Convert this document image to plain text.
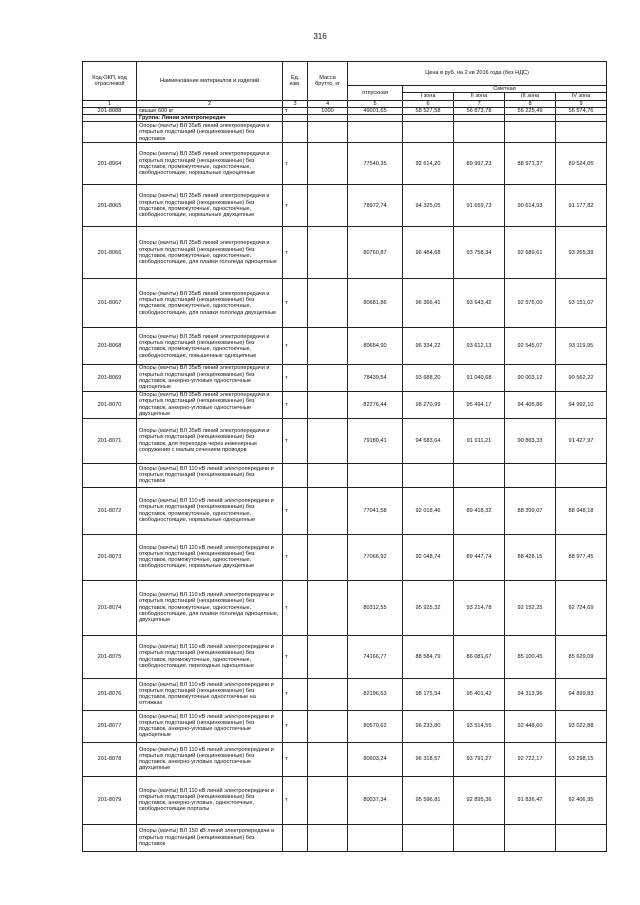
316
Код ОКП, код отраслевой	Наименование материалов и изделий	Ед. изм.	Масса брутто, кг	Цена в руб. на 2 кв 2016 года (без НДС)				
				отпускная	Сметная			
					I зона	II зона	III зона	IV зона
1	2	3	4	5	6	7	8	9
201-8088	свыше 600 кг	т	1000	49001,65	58 527,58	56 873,78	56 225,49	56 574,76
	Группа: Линии электропередач							
	Опоры (мачты) ВЛ 35кВ линий электропередачи и открытых подстанций (неоцинкованные) без подставок							
201-8064	Опоры (мачты) ВЛ 35кВ линий электропередачи и открытых подстанций (неоцинкованные) без подставок, промежуточные, одностоечные, свободностоящие, нормальные одноцепные	т		77540,35	92 614,20	89 997,23	88 971,37	89 524,05
201-8065	Опоры (мачты) ВЛ 35кВ линий электропередачи и открытых подстанций (неоцинкованные) без подставок, промежуточные, одностоечные, свободностоящие, нормальные двухцепные	т		78972,74	94 325,05	91 659,73	90 614,93	91 177,82
201-8066	Опоры (мачты) ВЛ 35кВ линий электропередачи и открытых подстанций (неоцинкованные) без подставок, промежуточные, одностоечные, свободностоящие, для плавки гололеда одноцепные	т		80760,87	96 484,68	93 758,34	92 689,61	93 265,39
201-8067	Опоры (мачты) ВЛ 35кВ линий электропередачи и открытых подстанций (неоцинкованные) без подставок, промежуточные, одностоечные, свободностоящие, для плавки гололеда двухцепные	т		80681,86	96 366,41	93 643,42	92 576,00	93 151,07
201-8068	Опоры (мачты) ВЛ 35кВ линий электропередачи и открытых подстанций (неоцинкованные) без подставок, промежуточные, одностоечные, свободностоящие, повышенные одноцепные	т		80654,90	96 334,22	93 612,13	92 545,07	93 119,95
201-8069	Опоры (мачты) ВЛ 35кВ линий электропередачи и открытых подстанций (неоцинкованные) без подставок, анкерно-угловые одностоечные одноцепные	т		78439,54	93 688,20	91 040,68	90 003,12	90 562,22
201-8070	Опоры (мачты) ВЛ 35кВ линий электропередачи и открытых подстанций (неоцинкованные) без подставок, анкерно-угловые одностоечные двухцепные	т		82276,44	98 270,99	95 494,17	94 405,86	94 992,10
201-8071	Опоры (мачты) ВЛ 35кВ линий электропередачи и открытых подстанций (неоцинкованные) без подставок, для переходов через инженерные сооружения с малым сечением проводов	т		79180,41	94 583,64	91 911,21	90 863,33	91 427,97
	Опоры (мачты) ВЛ 110 кВ линий электропередачи и открытых подстанций (неоцинкованные) без подставок							
201-8072	Опоры (мачты) ВЛ 110 кВ линий электропередачи и открытых подстанций (неоцинкованные) без подставок, промежуточные, одностоечные, свободностоящие, нормальные одноцепные	т		77041,58	92 018,46	89 418,32	88 399,07	88 948,18
201-8073	Опоры (мачты) ВЛ 110 кВ линий электропередачи и открытых подстанций (неоцинкованные) без подставок, промежуточные, одностоечные, свободностоящие, нормальные двухцепные	т		77066,92	92 048,74	89 447,74	88 428,15	88 977,45
201-8074	Опоры (мачты) ВЛ 110 кВ линий электропередачи и открытых подстанций (неоцинкованные) без подставок, промежуточные, одностоечные, свободностоящие, для плавки гололеда одноцепные, двухцепные	т		80312,55	95 925,32	93 214,78	92 152,25	92 724,69
201-8075	Опоры (мачты) ВЛ 110 кВ линий электропередачи и открытых подстанций (неоцинкованные) без подставок, промежуточные, одностоечные, свободностоящие, переходные одноцепные	т		74166,77	88 584,79	86 081,67	85 100,45	85 629,09
201-8076	Опоры (мачты) ВЛ 110 кВ линий электропередачи и открытых подстанций (неоцинкованные) без подставок, промежуточные одностоечные на оттяжках	т		82196,53	98 175,54	95 401,42	94 313,96	94 899,83
201-8077	Опоры (мачты) ВЛ 110 кВ линий электропередачи и открытых подстанций (неоцинкованные) без подставок, анкерно-угловые одностоечные одноцепные	т		80570,62	96 233,80	93 514,55	92 448,60	93 022,88
201-8078	Опоры (мачты) ВЛ 110 кВ линий электропередачи и открытых подстанций (неоцинкованные) без подставок, анкерно-угловые одностоечные двухцепные	т		80603,24	96 318,57	93 791,27	92 722,17	93 298,15
201-8079	Опоры (мачты) ВЛ 110 кВ линий электропередачи и открытых подстанций (неоцинкованные) без подставок, анкерно-угловые, одностоечные, свободностоящие порталы	т		80037,34	95 596,81	92 895,36	91 836,47	92 406,95
	Опоры (мачты) ВЛ 150 кВ линий электропередачи и открытых подстанций (неоцинкованные) без подставок							
